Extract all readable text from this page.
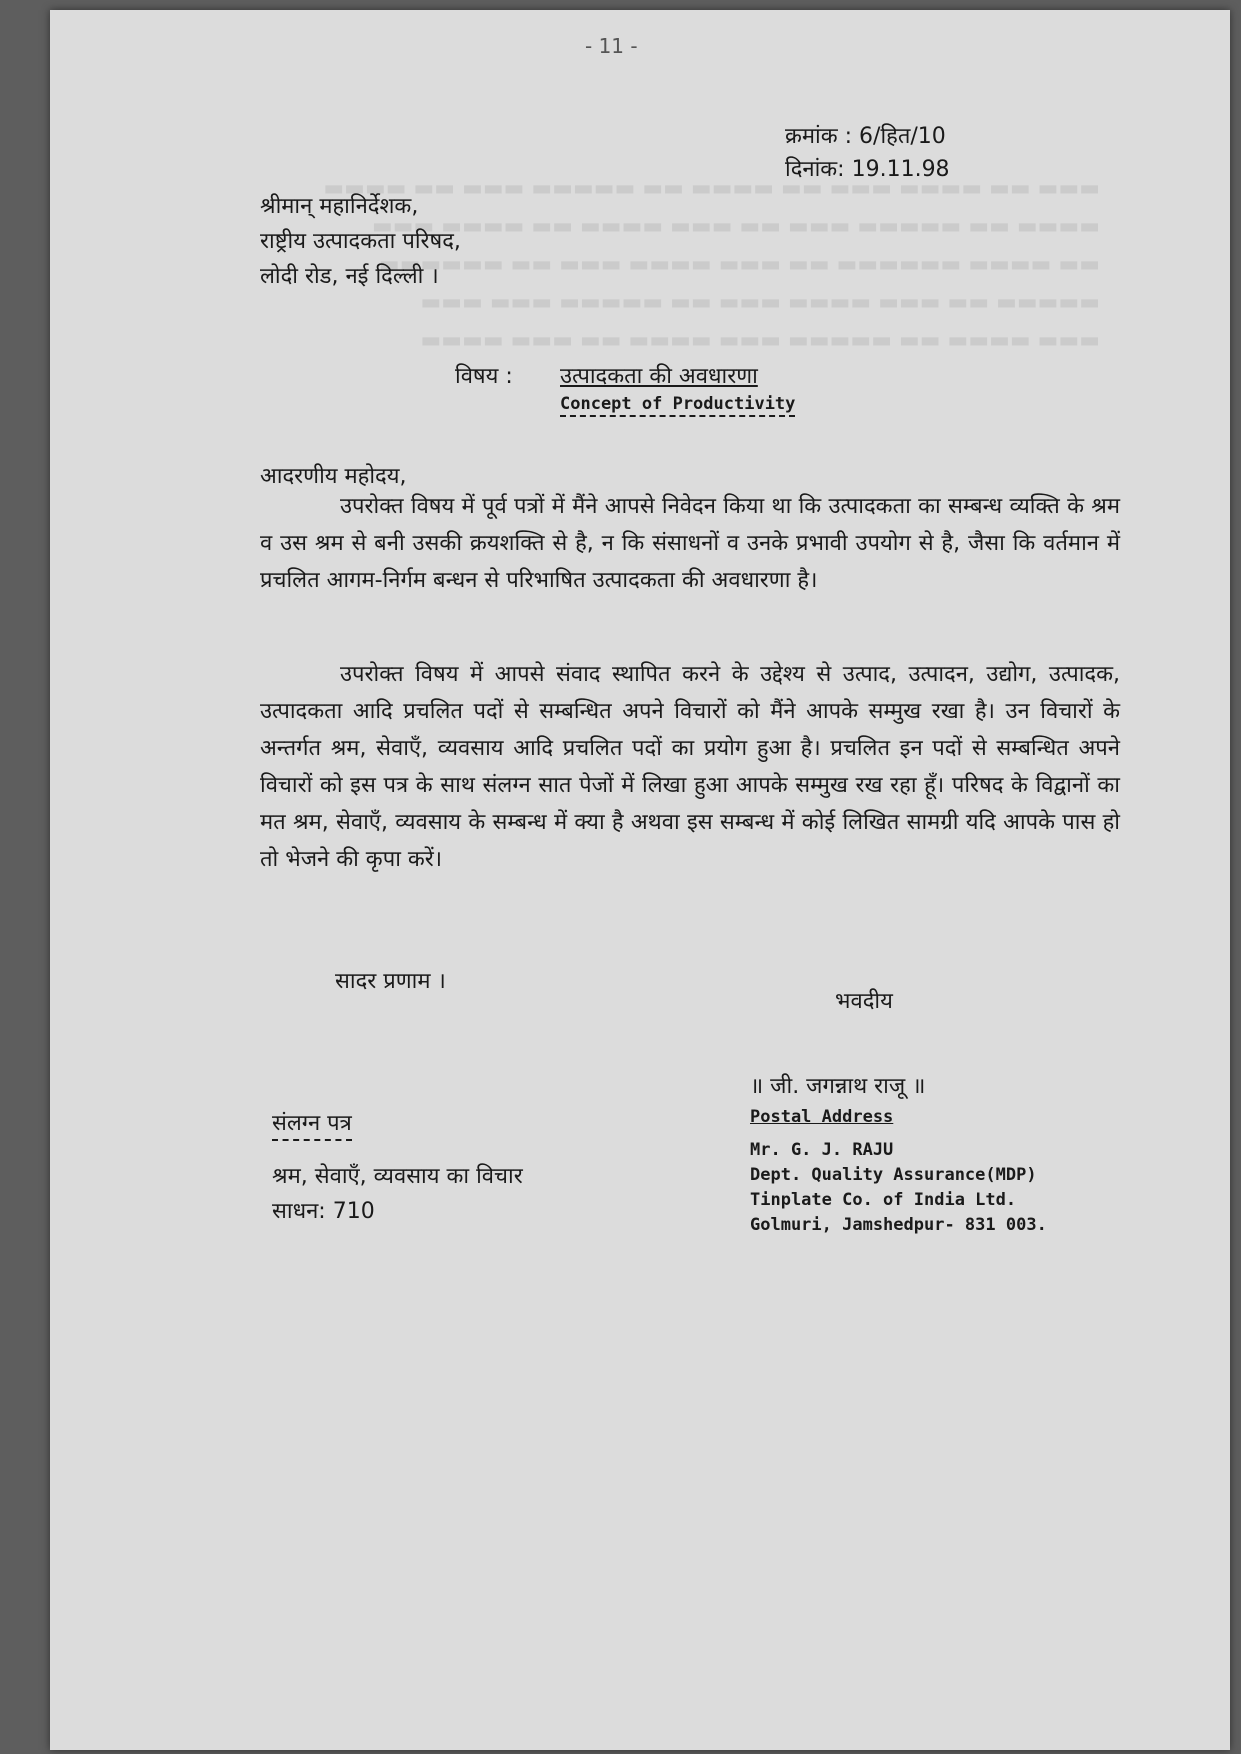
▬▬▬ ▬▬ ▬▬▬▬ ▬▬▬ ▬▬ ▬▬▬▬ ▬▬ ▬▬▬▬▬ ▬▬▬ ▬▬ ▬▬▬▬
▬▬▬▬ ▬▬ ▬▬▬▬▬ ▬▬▬ ▬▬ ▬▬▬ ▬▬▬▬ ▬▬ ▬▬▬▬ ▬▬▬
▬▬ ▬▬▬▬ ▬▬▬▬▬▬ ▬▬ ▬▬▬ ▬▬▬▬ ▬▬▬ ▬▬ ▬▬▬▬▬▬
▬▬▬▬▬ ▬▬ ▬▬▬ ▬▬▬▬ ▬▬▬ ▬▬ ▬▬▬▬▬ ▬▬▬ ▬▬▬
▬▬▬ ▬▬▬▬ ▬▬ ▬▬▬▬▬ ▬▬▬ ▬▬▬▬ ▬▬ ▬▬▬ ▬▬▬▬
- 11 -
क्रमांक : 6/हित/10
दिनांक: 19.11.98
श्रीमान् महानिर्देशक,
राष्ट्रीय उत्पादकता परिषद,
लोदी रोड, नई दिल्ली ।
विषय : उत्पादकता की अवधारणा
Concept of Productivity
आदरणीय महोदय,
उपरोक्त विषय में पूर्व पत्रों में मैंने आपसे निवेदन किया था कि उत्पादकता का सम्बन्ध व्यक्ति के श्रम व उस श्रम से बनी उसकी क्रयशक्ति से है, न कि संसाधनों व उनके प्रभावी उपयोग से है, जैसा कि वर्तमान में प्रचलित आगम-निर्गम बन्धन से परिभाषित उत्पादकता की अवधारणा है।
उपरोक्त विषय में आपसे संवाद स्थापित करने के उद्देश्य से उत्पाद, उत्पादन, उद्योग, उत्पादक, उत्पादकता आदि प्रचलित पदों से सम्बन्धित अपने विचारों को मैंने आपके सम्मुख रखा है। उन विचारों के अन्तर्गत श्रम, सेवाएँ, व्यवसाय आदि प्रचलित पदों का प्रयोग हुआ है। प्रचलित इन पदों से सम्बन्धित अपने विचारों को इस पत्र के साथ संलग्न सात पेजों में लिखा हुआ आपके सम्मुख रख रहा हूँ। परिषद के विद्वानों का मत श्रम, सेवाएँ, व्यवसाय के सम्बन्ध में क्या है अथवा इस सम्बन्ध में कोई लिखित सामग्री यदि आपके पास हो तो भेजने की कृपा करें।
सादर प्रणाम ।
भवदीय
॥ जी. जगन्नाथ राजू ॥
संलग्न पत्र
श्रम, सेवाएँ, व्यवसाय का विचार
साधन: 710
Postal Address
Mr. G. J. RAJU
Dept. Quality Assurance(MDP)
Tinplate Co. of India Ltd.
Golmuri, Jamshedpur- 831 003.
